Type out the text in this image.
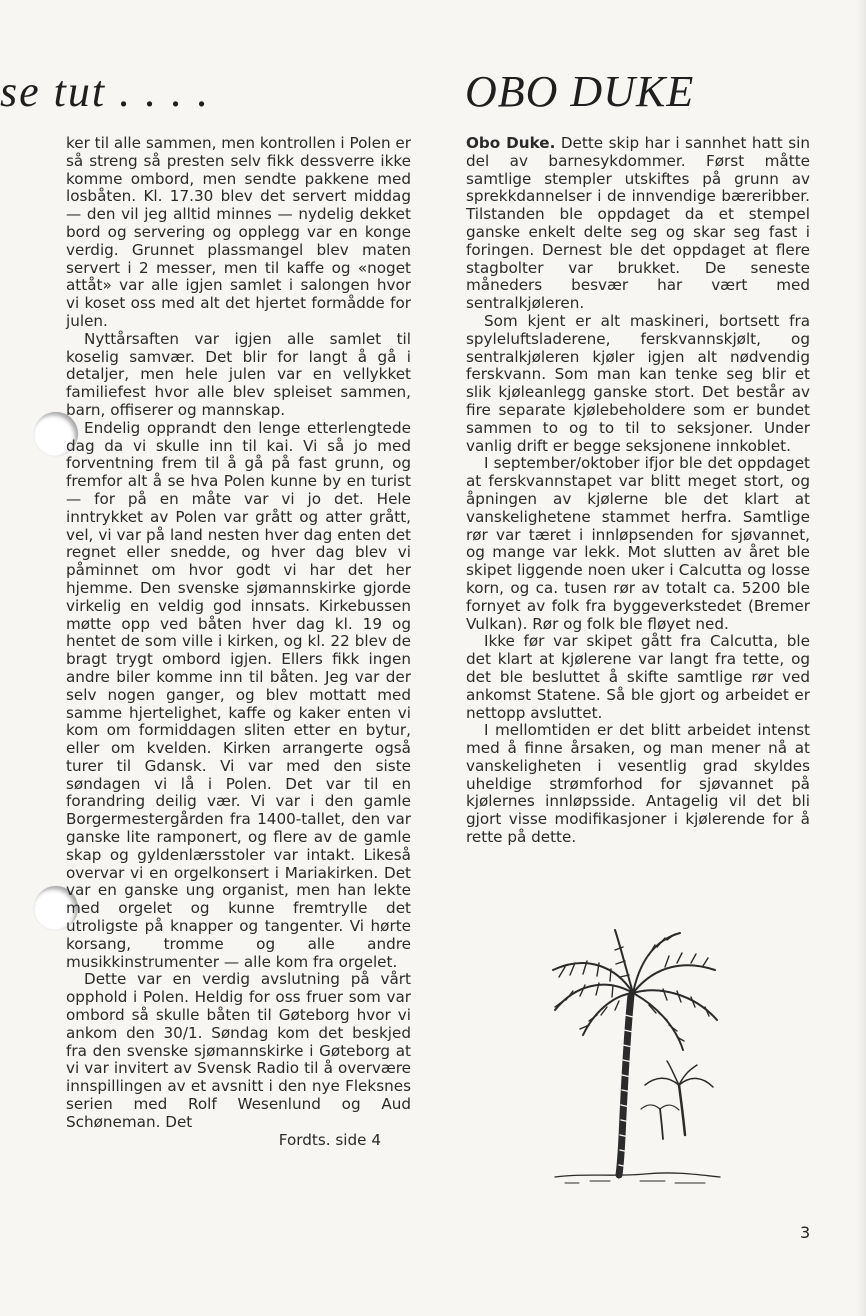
se tut . . . .	OBO DUKE

ker til alle sammen, men kontrollen i Polen er så streng så presten selv fikk dessverre ikke komme ombord, men sendte pakkene med losbåten. Kl. 17.30 blev det servert middag — den vil jeg alltid minnes — nydelig dekket bord og servering og opplegg var en konge verdig. Grunnet plassmangel blev maten servert i 2 messer, men til kaffe og «noget attåt» var alle igjen samlet i salongen hvor vi koset oss med alt det hjertet formådde for julen.

Nyttårsaften var igjen alle samlet til koselig samvær. Det blir for langt å gå i detaljer, men hele julen var en vellykket familiefest hvor alle blev spleiset sammen, barn, offiserer og mannskap.

Endelig opprandt den lenge etterlengtede dag da vi skulle inn til kai. Vi så jo med forventning frem til å gå på fast grunn, og fremfor alt å se hva Polen kunne by en turist — for på en måte var vi jo det. Hele inntrykket av Polen var grått og atter grått, vel, vi var på land nesten hver dag enten det regnet eller snedde, og hver dag blev vi påminnet om hvor godt vi har det her hjemme. Den svenske sjømannskirke gjorde virkelig en veldig god innsats. Kirkebussen møtte opp ved båten hver dag kl. 19 og hentet de som ville i kirken, og kl. 22 blev de bragt trygt ombord igjen. Ellers fikk ingen andre biler komme inn til båten. Jeg var der selv nogen ganger, og blev mottatt med samme hjertelighet, kaffe og kaker enten vi kom om formiddagen sliten etter en bytur, eller om kvelden. Kirken arrangerte også turer til Gdansk. Vi var med den siste søndagen vi lå i Polen. Det var til en forandring deilig vær. Vi var i den gamle Borgermestergården fra 1400-tallet, den var ganske lite ramponert, og flere av de gamle skap og gyldenlærsstoler var intakt. Likeså overvar vi en orgelkonsert i Mariakirken. Det var en ganske ung organist, men han lekte med orgelet og kunne fremtrylle det utroligste på knapper og tangenter. Vi hørte korsang, tromme og alle andre musikkinstrumenter — alle kom fra orgelet.

Dette var en verdig avslutning på vårt opphold i Polen. Heldig for oss fruer som var ombord så skulle båten til Gøteborg hvor vi ankom den 30/1. Søndag kom det beskjed fra den svenske sjømannskirke i Gøteborg at vi var invitert av Svensk Radio til å overvære innspillingen av et avsnitt i den nye Fleksnes serien med Rolf Wesenlund og Aud Schøneman. Det

Fordts. side 4

Obo Duke. Dette skip har i sannhet hatt sin del av barnesykdommer. Først måtte samtlige stempler utskiftes på grunn av sprekkdannelser i de innvendige bæreribber. Tilstanden ble oppdaget da et stempel ganske enkelt delte seg og skar seg fast i foringen. Dernest ble det oppdaget at flere stagbolter var brukket. De seneste måneders besvær har vært med sentralkjøleren.

Som kjent er alt maskineri, bortsett fra spyleluftsladerene, ferskvannskjølt, og sentralkjøleren kjøler igjen alt nødvendig ferskvann. Som man kan tenke seg blir et slik kjøleanlegg ganske stort. Det består av fire separate kjølebeholdere som er bundet sammen to og to til to seksjoner. Under vanlig drift er begge seksjonene innkoblet.

I september/oktober ifjor ble det oppdaget at ferskvannstapet var blitt meget stort, og åpningen av kjølerne ble det klart at vanskelighetene stammet herfra. Samtlige rør var tæret i innløpsenden for sjøvannet, og mange var lekk. Mot slutten av året ble skipet liggende noen uker i Calcutta og losse korn, og ca. tusen rør av totalt ca. 5200 ble fornyet av folk fra byggeverkstedet (Bremer Vulkan). Rør og folk ble fløyet ned.

Ikke før var skipet gått fra Calcutta, ble det klart at kjølerene var langt fra tette, og det ble besluttet å skifte samtlige rør ved ankomst Statene. Så ble gjort og arbeidet er nettopp avsluttet.

I mellomtiden er det blitt arbeidet intenst med å finne årsaken, og man mener nå at vanskeligheten i vesentlig grad skyldes uheldige strømforhod for sjøvannet på kjølernes innløpsside. Antagelig vil det bli gjort visse modifikasjoner i kjølerende for å rette på dette.

3
